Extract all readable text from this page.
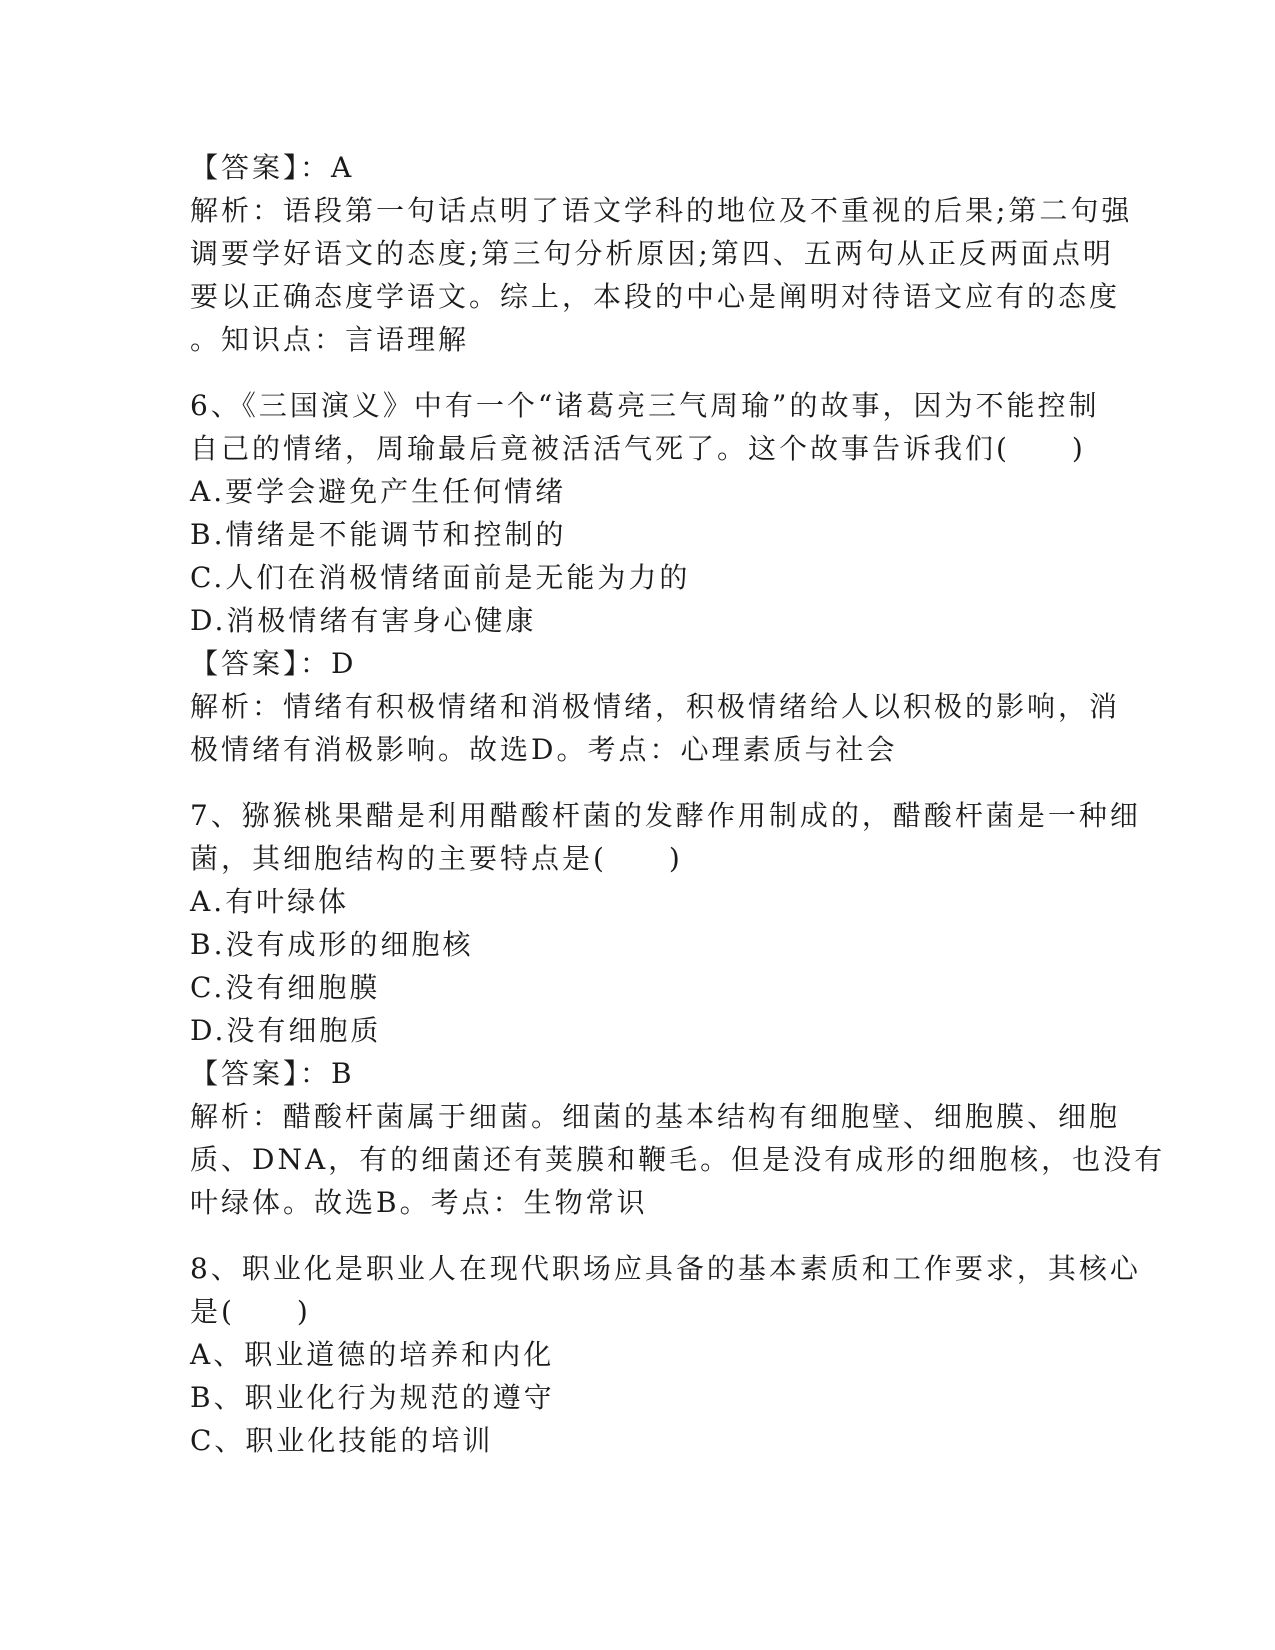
【答案】：A
解析：语段第一句话点明了语文学科的地位及不重视的后果;第二句强
调要学好语文的态度;第三句分析原因;第四、五两句从正反两面点明
要以正确态度学语文。综上，本段的中心是阐明对待语文应有的态度
。知识点：言语理解
6、《三国演义》中有一个“诸葛亮三气周瑜”的故事，因为不能控制
自己的情绪，周瑜最后竟被活活气死了。这个故事告诉我们(　　)
A.要学会避免产生任何情绪
B.情绪是不能调节和控制的
C.人们在消极情绪面前是无能为力的
D.消极情绪有害身心健康
【答案】：D
解析：情绪有积极情绪和消极情绪，积极情绪给人以积极的影响，消
极情绪有消极影响。故选D。考点：心理素质与社会
7、猕猴桃果醋是利用醋酸杆菌的发酵作用制成的，醋酸杆菌是一种细
菌，其细胞结构的主要特点是(　　)
A.有叶绿体
B.没有成形的细胞核
C.没有细胞膜
D.没有细胞质
【答案】：B
解析：醋酸杆菌属于细菌。细菌的基本结构有细胞壁、细胞膜、细胞
质、DNA，有的细菌还有荚膜和鞭毛。但是没有成形的细胞核，也没有
叶绿体。故选B。考点：生物常识
8、职业化是职业人在现代职场应具备的基本素质和工作要求，其核心
是(　　)
A、职业道德的培养和内化
B、职业化行为规范的遵守
C、职业化技能的培训
